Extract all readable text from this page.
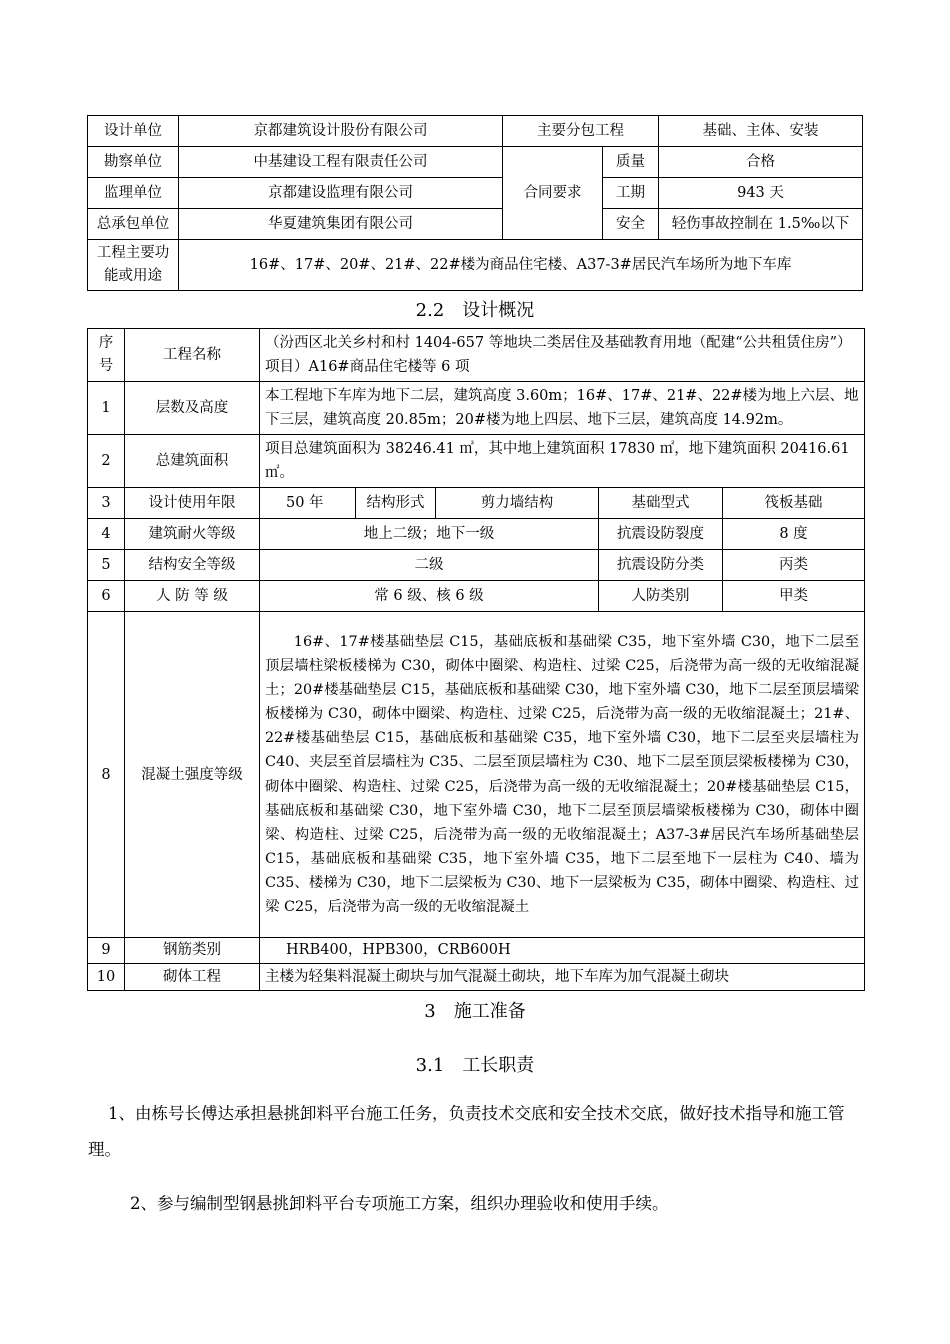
设计单位	京都建筑设计股份有限公司	主要分包工程		基础、主体、安装
勘察单位	中基建设工程有限责任公司	合同要求	质量	合格
监理单位	京都建设监理有限公司		工期	943 天
总承包单位	华夏建筑集团有限公司		安全	轻伤事故控制在 1.5‰以下
工程主要功能或用途	16#、17#、20#、21#、22#楼为商品住宅楼、A37-3#居民汽车场所为地下车库			
2.2　设计概况
序号	工程名称	（汾西区北关乡村和村 1404-657 等地块二类居住及基础教育用地（配建“公共租赁住房”）项目）A16#商品住宅楼等 6 项				
1	层数及高度	本工程地下车库为地下二层，建筑高度 3.60m；16#、17#、21#、22#楼为地上六层、地下三层，建筑高度 20.85m；20#楼为地上四层、地下三层，建筑高度 14.92m。				
2	总建筑面积	项目总建筑面积为 38246.41 ㎡，其中地上建筑面积 17830 ㎡，地下建筑面积 20416.61 ㎡。				
3	设计使用年限	50 年	结构形式	剪力墙结构	基础型式	筏板基础
4	建筑耐火等级	地上二级；地下一级			抗震设防裂度	8 度
5	结构安全等级	二级			抗震设防分类	丙类
6	人 防 等 级	常 6 级、核 6 级			人防类别	甲类
8	混凝土强度等级	16#、17#楼基础垫层 C15，基础底板和基础梁 C35，地下室外墙 C30，地下二层至顶层墙柱梁板楼梯为 C30，砌体中圈梁、构造柱、过梁 C25，后浇带为高一级的无收缩混凝土；20#楼基础垫层 C15，基础底板和基础梁 C30，地下室外墙 C30，地下二层至顶层墙梁板楼梯为 C30，砌体中圈梁、构造柱、过梁 C25，后浇带为高一级的无收缩混凝土；21#、22#楼基础垫层 C15，基础底板和基础梁 C35，地下室外墙 C30，地下二层至夹层墙柱为 C40、夹层至首层墙柱为 C35、二层至顶层墙柱为 C30、地下二层至顶层梁板楼梯为 C30，砌体中圈梁、构造柱、过梁 C25，后浇带为高一级的无收缩混凝土；20#楼基础垫层 C15，基础底板和基础梁 C30，地下室外墙 C30，地下二层至顶层墙梁板楼梯为 C30，砌体中圈梁、构造柱、过梁 C25，后浇带为高一级的无收缩混凝土；A37-3#居民汽车场所基础垫层 C15，基础底板和基础梁 C35，地下室外墙 C35，地下二层至地下一层柱为 C40、墙为 C35、楼梯为 C30，地下二层梁板为 C30、地下一层梁板为 C35，砌体中圈梁、构造柱、过梁 C25，后浇带为高一级的无收缩混凝土				
9	钢筋类别	HRB400，HPB300，CRB600H				
10	砌体工程	主楼为轻集料混凝土砌块与加气混凝土砌块，地下车库为加气混凝土砌块				
3　施工准备
3.1　工长职责
1、由栋号长傅达承担悬挑卸料平台施工任务，负责技术交底和安全技术交底，做好技术指导和施工管理。
2、参与编制型钢悬挑卸料平台专项施工方案，组织办理验收和使用手续。
